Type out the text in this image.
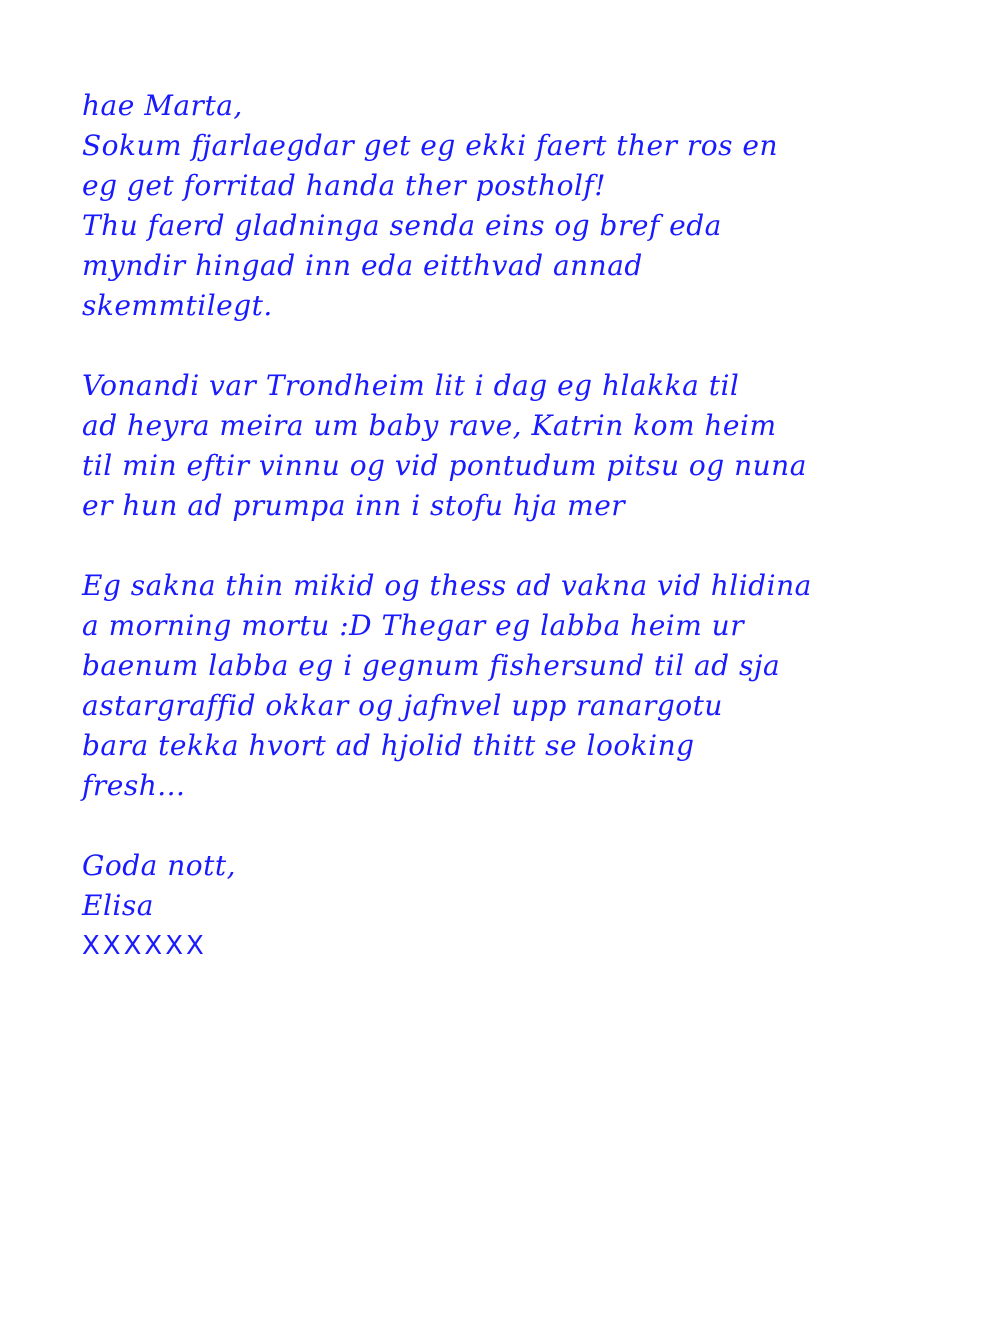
hae Marta,
Sokum fjarlaegdar get eg ekki faert ther ros en
eg get forritad handa ther postholf!
Thu faerd gladninga senda eins og bref eda
myndir hingad inn eda eitthvad annad
skemmtilegt.
Vonandi var Trondheim lit i dag eg hlakka til
ad heyra meira um baby rave, Katrin kom heim
til min eftir vinnu og vid pontudum pitsu og nuna
er hun ad prumpa inn i stofu hja mer
Eg sakna thin mikid og thess ad vakna vid hlidina
a morning mortu :D Thegar eg labba heim ur
baenum labba eg i gegnum fishersund til ad sja
astargraffid okkar og jafnvel upp ranargotu
bara tekka hvort ad hjolid thitt se looking
fresh...
Goda nott,
Elisa
XXXXXX
